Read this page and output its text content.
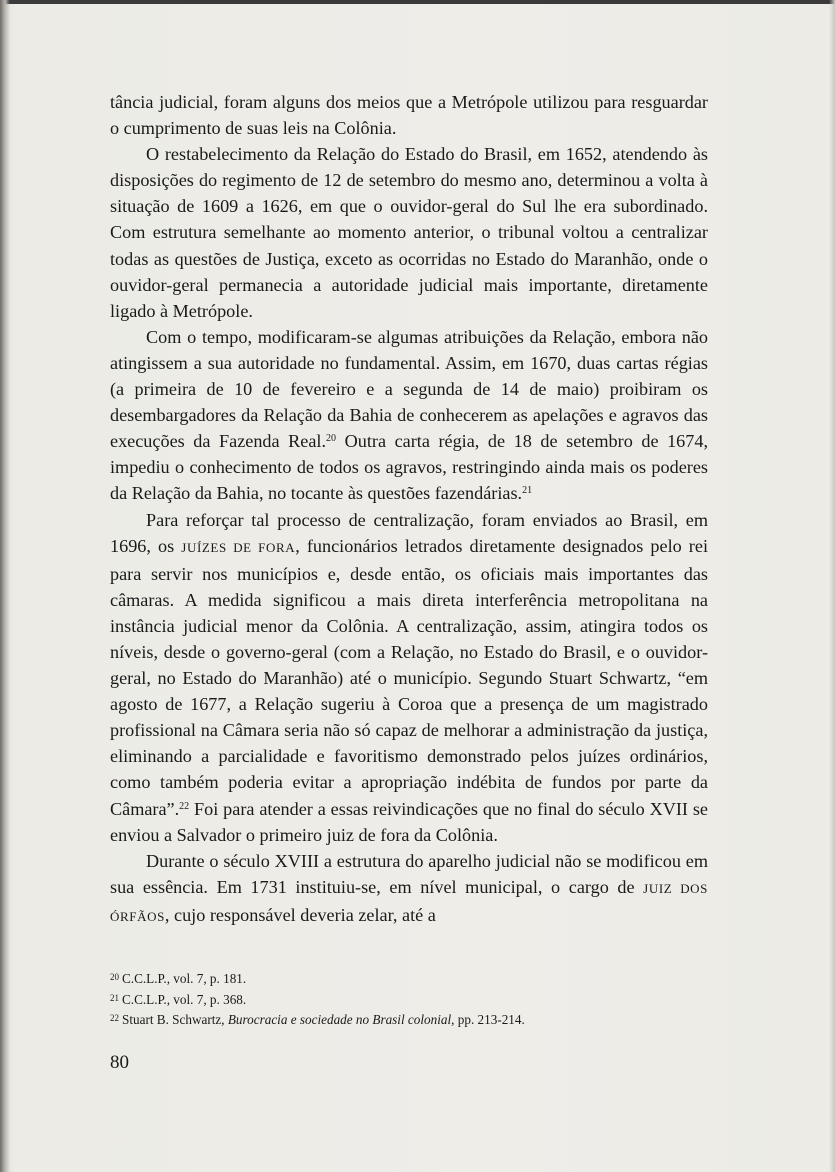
tância judicial, foram alguns dos meios que a Metrópole utilizou para resguardar o cumprimento de suas leis na Colônia.

O restabelecimento da Relação do Estado do Brasil, em 1652, atendendo às disposições do regimento de 12 de setembro do mesmo ano, determinou a volta à situação de 1609 a 1626, em que o ouvidor-geral do Sul lhe era subordinado. Com estrutura semelhante ao momento anterior, o tribunal voltou a centralizar todas as questões de Justiça, exceto as ocorridas no Estado do Maranhão, onde o ouvidor-geral permanecia a autoridade judicial mais importante, diretamente ligado à Metrópole.

Com o tempo, modificaram-se algumas atribuições da Relação, embora não atingissem a sua autoridade no fundamental. Assim, em 1670, duas cartas régias (a primeira de 10 de fevereiro e a segunda de 14 de maio) proibiram os desembargadores da Relação da Bahia de conhecerem as apelações e agravos das execuções da Fazenda Real.$^{20}$ Outra carta régia, de 18 de setembro de 1674, impediu o conhecimento de todos os agravos, restringindo ainda mais os poderes da Relação da Bahia, no tocante às questões fazendárias.$^{21}$

Para reforçar tal processo de centralização, foram enviados ao Brasil, em 1696, os JUÍZES DE FORA, funcionários letrados diretamente designados pelo rei para servir nos municípios e, desde então, os oficiais mais importantes das câmaras. A medida significou a mais direta interferência metropolitana na instância judicial menor da Colônia. A centralização, assim, atingira todos os níveis, desde o governo-geral (com a Relação, no Estado do Brasil, e o ouvidor-geral, no Estado do Maranhão) até o município. Segundo Stuart Schwartz, “em agosto de 1677, a Relação sugeriu à Coroa que a presença de um magistrado profissional na Câmara seria não só capaz de melhorar a administração da justiça, eliminando a parcialidade e favoritismo demonstrado pelos juízes ordinários, como também poderia evitar a apropriação indébita de fundos por parte da Câmara”.$^{22}$ Foi para atender a essas reivindicações que no final do século XVII se enviou a Salvador o primeiro juiz de fora da Colônia.

Durante o século XVIII a estrutura do aparelho judicial não se modificou em sua essência. Em 1731 instituiu-se, em nível municipal, o cargo de JUIZ DOS ÓRFÃOS, cujo responsável deveria zelar, até a

20 C.C.L.P., vol. 7, p. 181.
21 C.C.L.P., vol. 7, p. 368.
22 Stuart B. Schwartz, Burocracia e sociedade no Brasil colonial, pp. 213-214.
80
